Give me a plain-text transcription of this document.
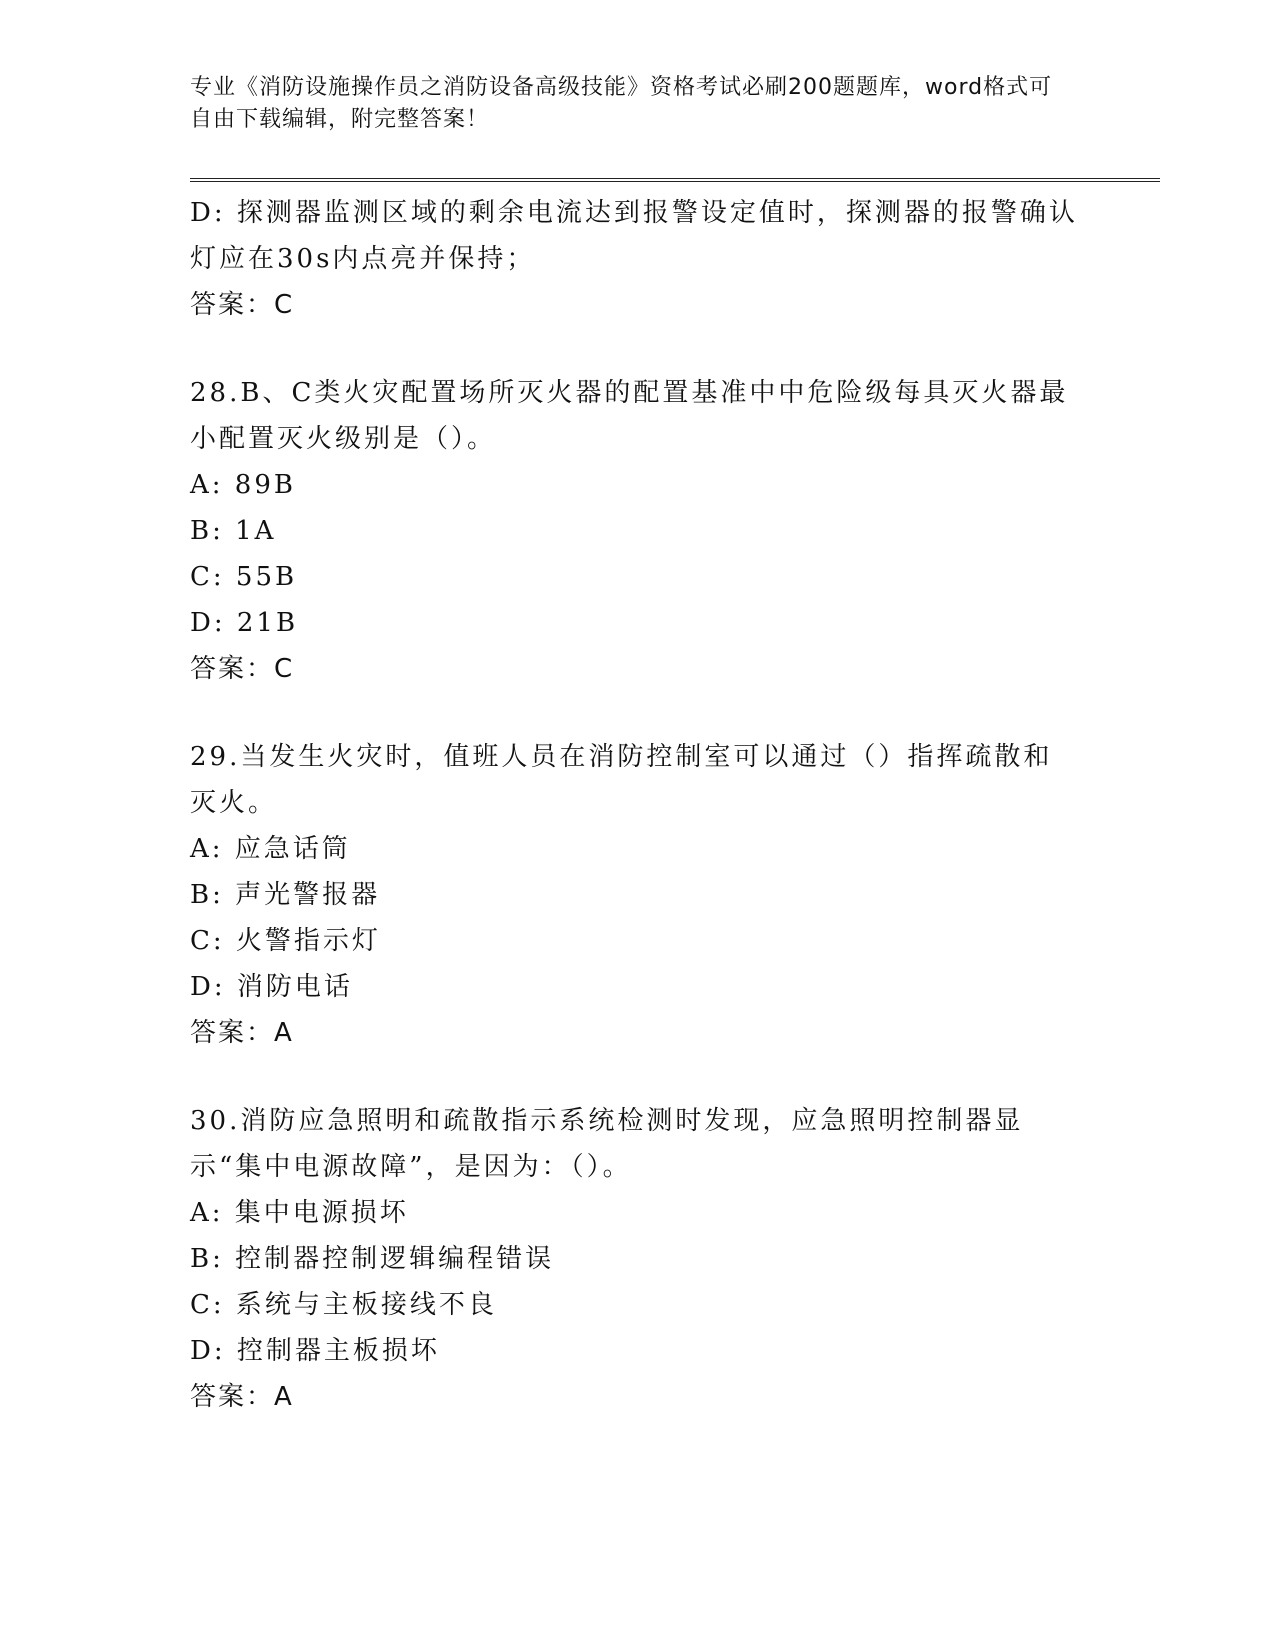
专业《消防设施操作员之消防设备高级技能》资格考试必刷200题题库，word格式可自由下载编辑，附完整答案！
D: 探测器监测区域的剩余电流达到报警设定值时，探测器的报警确认
灯应在30s内点亮并保持；
答案：C
28.B、C类火灾配置场所灭火器的配置基准中中危险级每具灭火器最小配置灭火级别是（）。
A: 89B
B: 1A
C: 55B
D: 21B
答案：C
29.当发生火灾时，值班人员在消防控制室可以通过（）指挥疏散和灭火。
A: 应急话筒
B: 声光警报器
C: 火警指示灯
D: 消防电话
答案：A
30.消防应急照明和疏散指示系统检测时发现，应急照明控制器显示“集中电源故障”，是因为：（）。
A: 集中电源损坏
B: 控制器控制逻辑编程错误
C: 系统与主板接线不良
D: 控制器主板损坏
答案：A
